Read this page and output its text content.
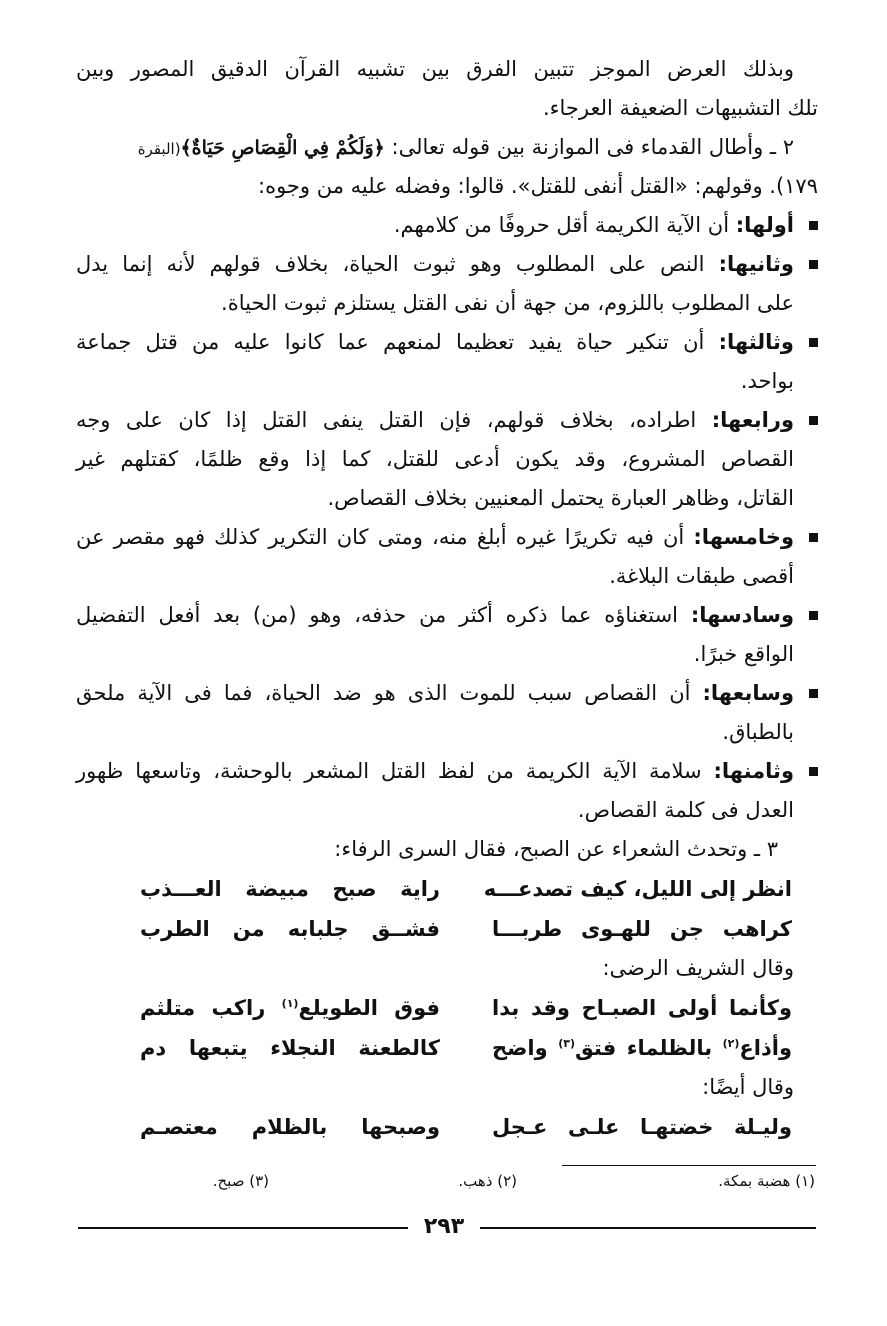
وبذلك العرض الموجز تتبين الفرق بين تشبيه القرآن الدقيق المصور وبين
تلك التشبيهات الضعيفة العرجاء.
٢ ـ وأطال القدماء فى الموازنة بين قوله تعالى: ﴿وَلَكُمْ فِي الْقِصَاصِ حَيَاةٌ﴾(البقرة
١٧٩). وقولهم: «القتل أنفى للقتل». قالوا: وفضله عليه من وجوه:
أولها: أن الآية الكريمة أقل حروفًا من كلامهم.
وثانيها: النص على المطلوب وهو ثبوت الحياة، بخلاف قولهم لأنه إنما يدل
على المطلوب باللزوم، من جهة أن نفى القتل يستلزم ثبوت الحياة.
وثالثها: أن تنكير حياة يفيد تعظيما لمنعهم عما كانوا عليه من قتل جماعة
بواحد.
ورابعها: اطراده، بخلاف قولهم، فإن القتل ينفى القتل إذا كان على وجه
القصاص المشروع، وقد يكون أدعى للقتل، كما إذا وقع ظلمًا، كقتلهم غير
القاتل، وظاهر العبارة يحتمل المعنيين بخلاف القصاص.
وخامسها: أن فيه تكريرًا غيره أبلغ منه، ومتى كان التكرير كذلك فهو مقصر عن
أقصى طبقات البلاغة.
وسادسها: استغناؤه عما ذكره أكثر من حذفه، وهو (من) بعد أفعل التفضيل
الواقع خبرًا.
وسابعها: أن القصاص سبب للموت الذى هو ضد الحياة، فما فى الآية ملحق
بالطباق.
وثامنها: سلامة الآية الكريمة من لفظ القتل المشعر بالوحشة، وتاسعها ظهور
العدل فى كلمة القصاص.
٣ ـ وتحدث الشعراء عن الصبح، فقال السرى الرفاء:
انظر إلى الليل، كيف تصدعـــه
راية صبح مبيضة العـــذب
كراهب جن للهـوى طربـــا
فشــق جلبابه من الطرب
وقال الشريف الرضى:
وكأنما أولى الصبـاح وقد بدا
فوق الطويلع$^{(١)}$ راكب متلثم
وأذاع$^{(٢)}$ بالظلماء فتق$^{(٣)}$ واضح
كالطعنة النجلاء يتبعها دم
وقال أيضًا:
وليـلة خضتهـا علـى عـجل
وصبحها بالظلام معتصـم
(١) هضبة بمكة.
(٢) ذهب.
(٣) صبح.
٢٩٣
